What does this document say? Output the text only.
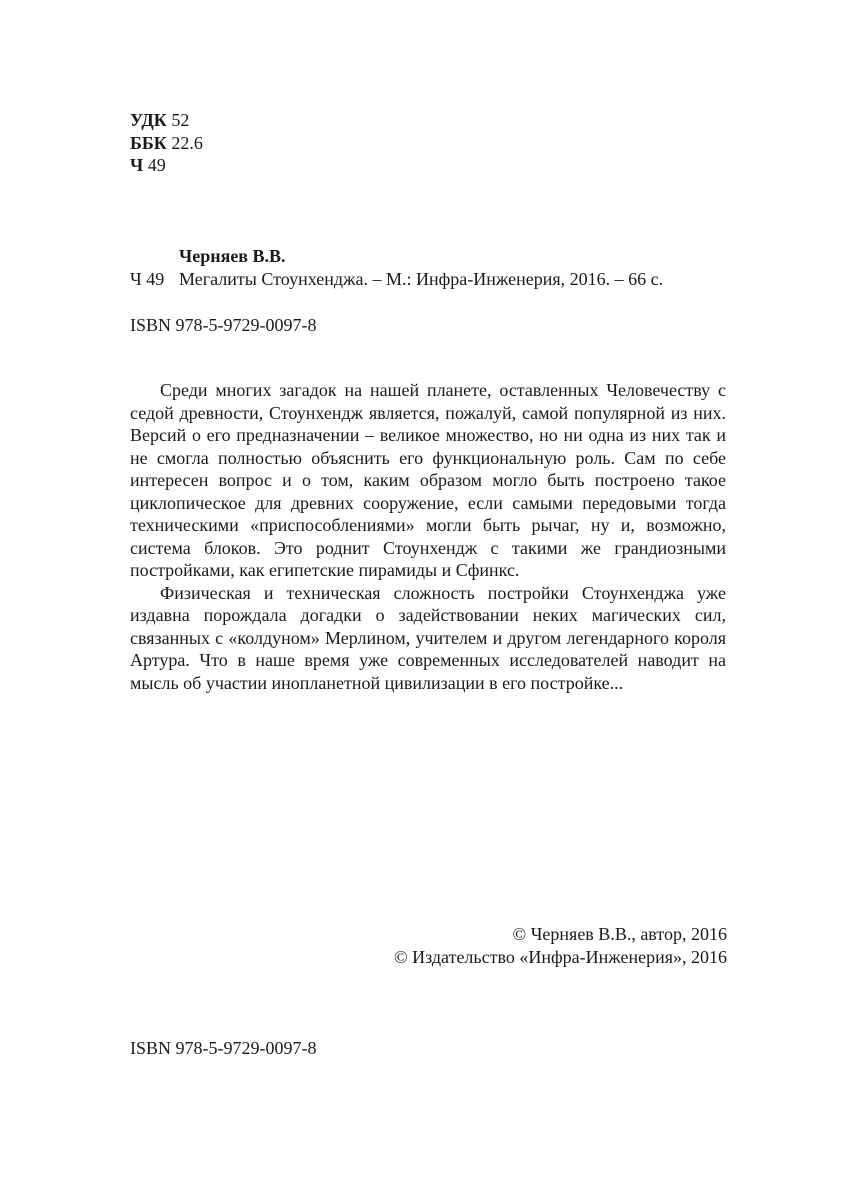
УДК 52
ББК 22.6
Ч 49
Черняев В.В.
Ч 49 Мегалиты Стоунхенджа. – М.: Инфра-Инженерия, 2016. – 66 с.
ISBN 978-5-9729-0097-8

Среди многих загадок на нашей планете, оставленных Человечеству с седой древности, Стоунхендж является, пожалуй, самой популярной из них. Версий о его предназначении – великое множество, но ни одна из них так и не смогла полностью объяснить его функциональную роль. Сам по себе интересен вопрос и о том, каким образом могло быть построено такое циклопическое для древних сооружение, если самыми передовыми тогда техническими «приспособлениями» могли быть рычаг, ну и, возможно, система блоков. Это роднит Стоунхендж с такими же грандиозными постройками, как египетские пирамиды и Сфинкс.

Физическая и техническая сложность постройки Стоунхенджа уже издавна порождала догадки о задействовании неких магических сил, связанных с «колдуном» Мерлином, учителем и другом легендарного короля Артура. Что в наше время уже современных исследователей наводит на мысль об участии инопланетной цивилизации в его постройке...

© Черняев В.В., автор, 2016
© Издательство «Инфра-Инженерия», 2016
ISBN 978-5-9729-0097-8
